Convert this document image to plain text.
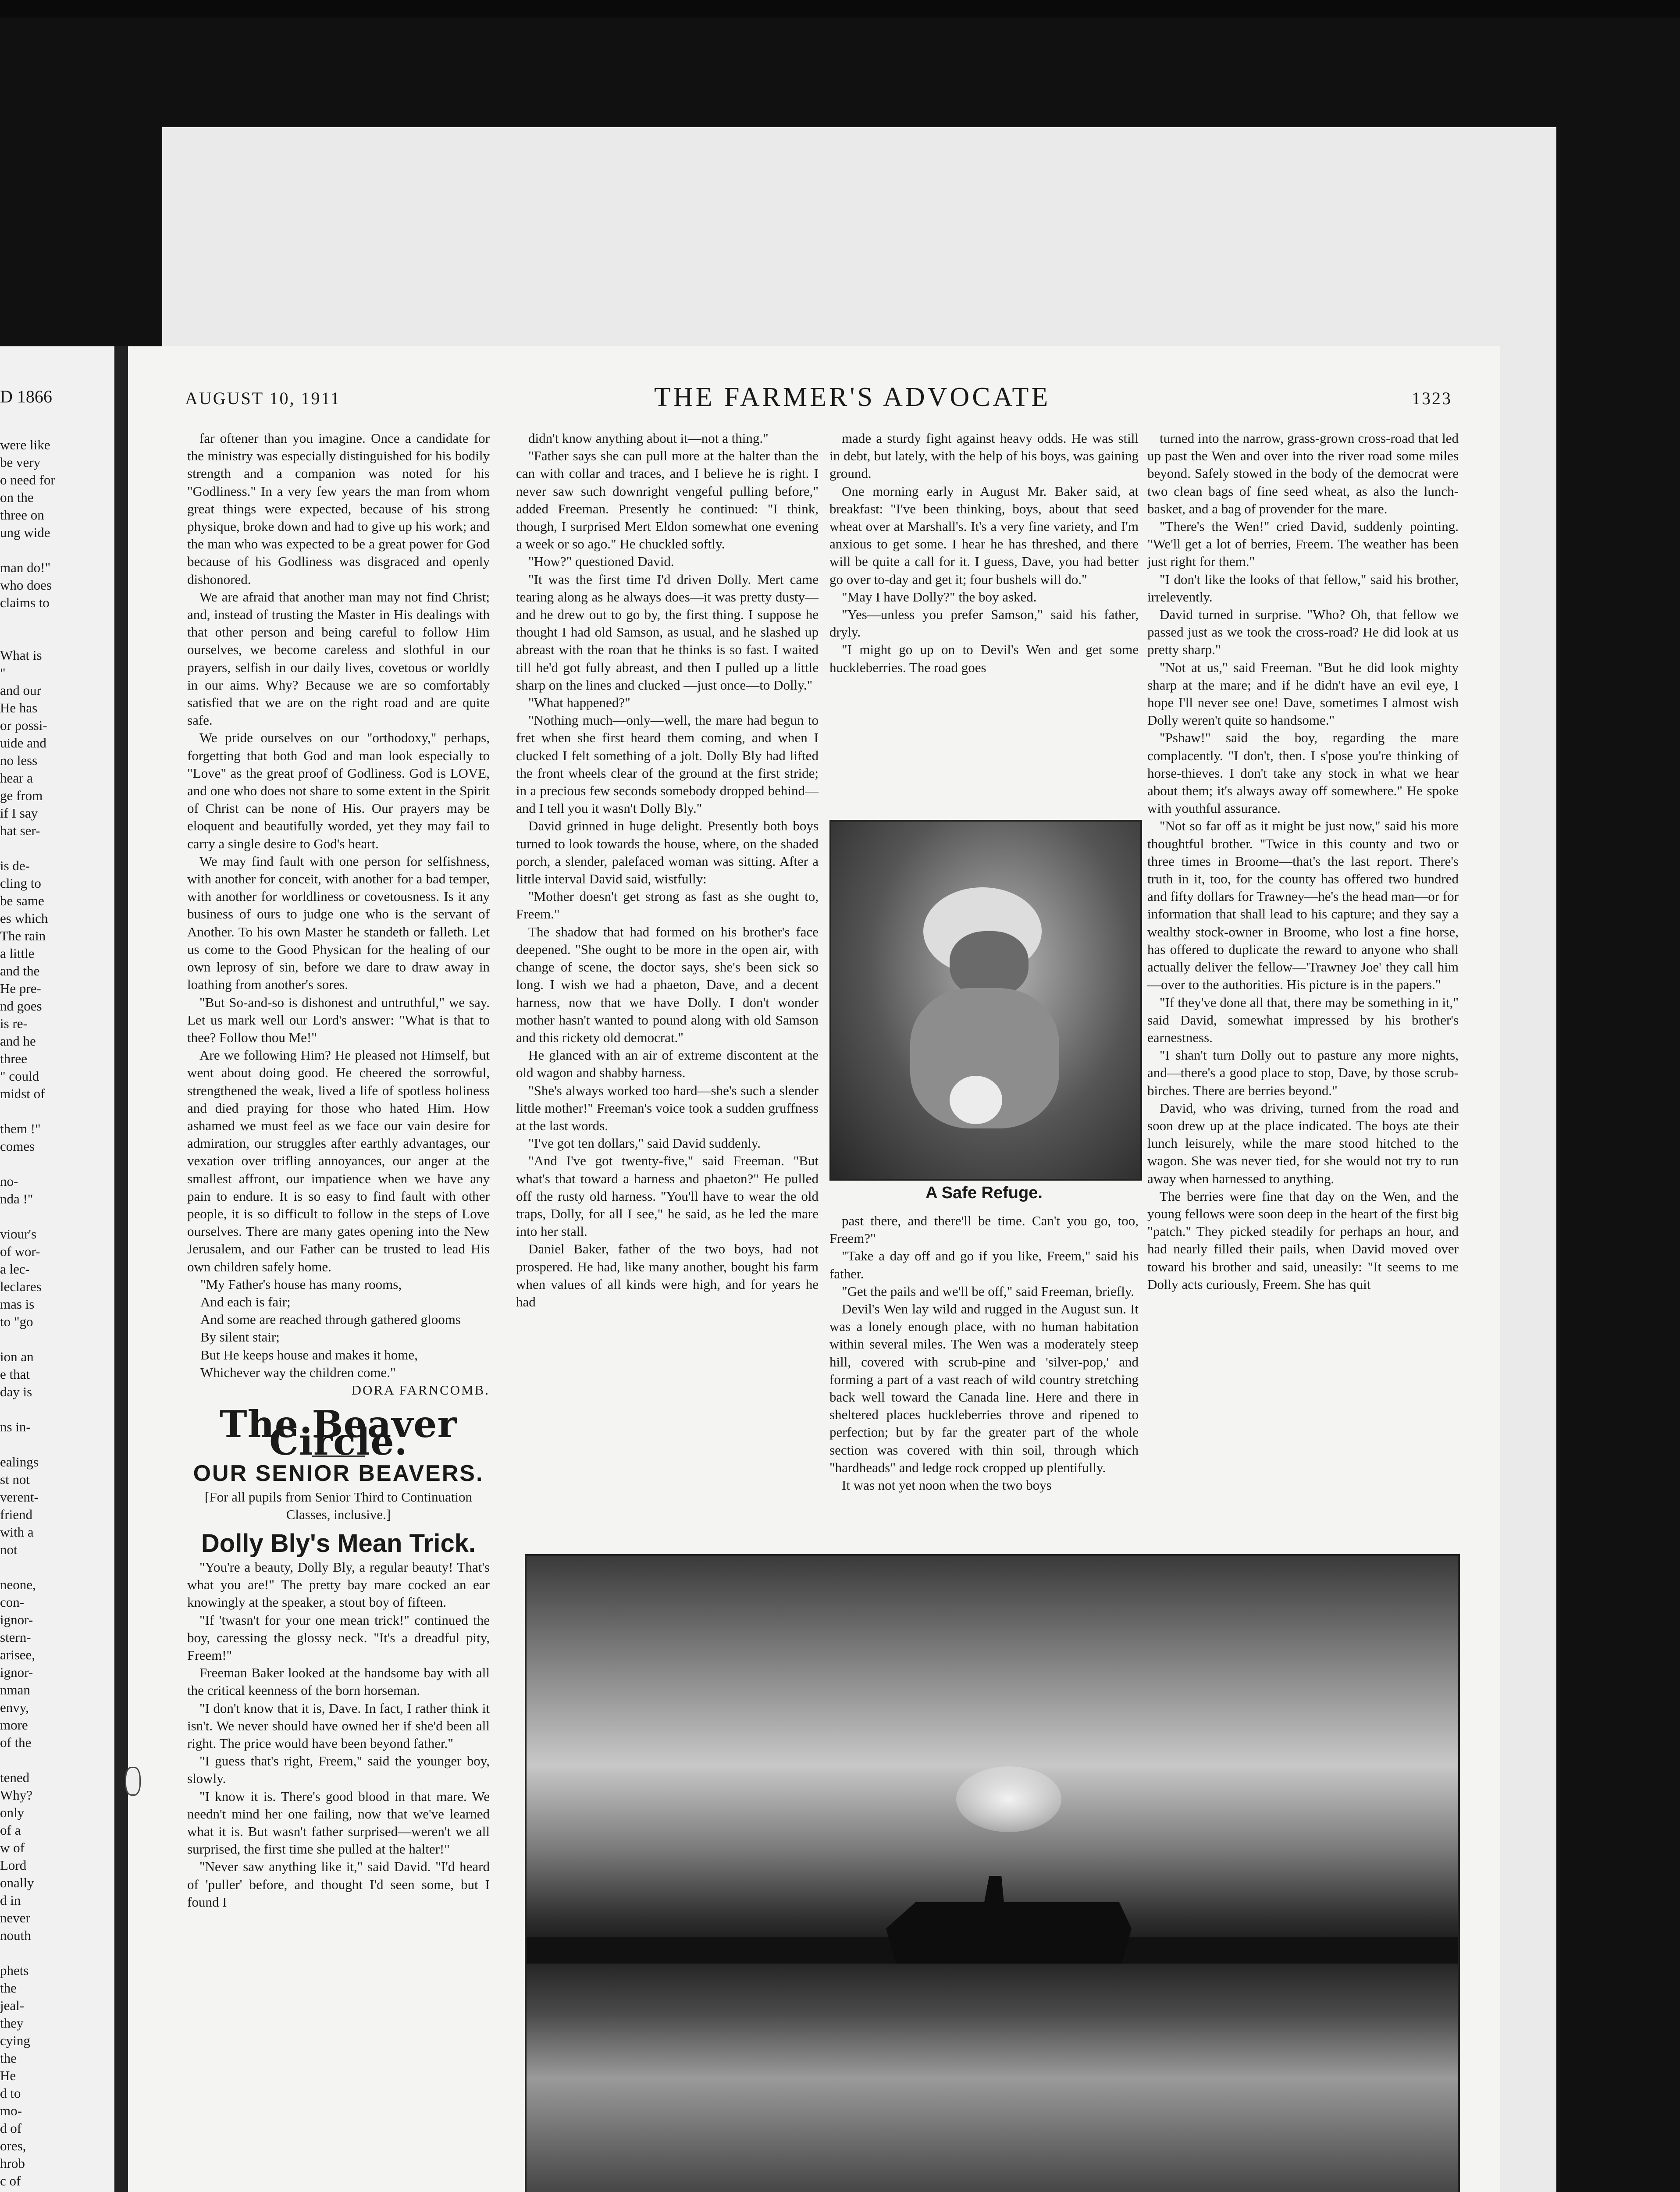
D 1866

were like

be very

o need for

on the

three on

ung wide

man do!"

who does

claims to

What is

"

and our

He has

or possi-

uide and

no less

hear a

ge from

if I say

hat ser-

is de-

cling to

be same

es which

The rain

a little

and the

He pre-

nd goes

is re-

and he

three

" could

midst of

them !"

comes

no-

nda !"

viour's

of wor-

a lec-

leclares

mas is

to "go

ion an

e that

day is

ns in-

ealings

st not

verent-

friend

with a

not

neone,

con-

ignor-

stern-

arisee,

ignor-

nman

envy,

more

of the

tened

Why?

only

of a

w of

Lord

onally

d in

never

nouth

phets

the

jeal-

they

cying

the

He

d to

mo-

d of

ores,

hrob

c of

AUGUST 10, 1911	THE FARMER'S ADVOCATE	1323

far oftener than you imagine. Once a candidate for the ministry was especially distinguished for his bodily strength and a companion was noted for his "Godliness." In a very few years the man from whom great things were expected, because of his strong physique, broke down and had to give up his work; and the man who was expected to be a great power for God because of his Godliness was disgraced and openly dishonored.

We are afraid that another man may not find Christ; and, instead of trusting the Master in His dealings with that other person and being careful to follow Him ourselves, we become careless and slothful in our prayers, selfish in our daily lives, covetous or worldly in our aims. Why? Because we are so comfortably satisfied that we are on the right road and are quite safe.

We pride ourselves on our "orthodoxy," perhaps, forgetting that both God and man look especially to "Love" as the great proof of Godliness. God is LOVE, and one who does not share to some extent in the Spirit of Christ can be none of His. Our prayers may be eloquent and beautifully worded, yet they may fail to carry a single desire to God's heart.

We may find fault with one person for selfishness, with another for conceit, with another for a bad temper, with another for worldliness or covetousness. Is it any business of ours to judge one who is the servant of Another. To his own Master he standeth or falleth. Let us come to the Good Physican for the healing of our own leprosy of sin, before we dare to draw away in loathing from another's sores.

"But So-and-so is dishonest and untruthful," we say. Let us mark well our Lord's answer: "What is that to thee? Follow thou Me!"

Are we following Him? He pleased not Himself, but went about doing good. He cheered the sorrowful, strengthened the weak, lived a life of spotless holiness and died praying for those who hated Him. How ashamed we must feel as we face our vain desire for admiration, our struggles after earthly advantages, our vexation over trifling annoyances, our anger at the smallest affront, our impatience when we have any pain to endure. It is so easy to find fault with other people, it is so difficult to follow in the steps of Love ourselves. There are many gates opening into the New Jerusalem, and our Father can be trusted to lead His own children safely home.

"My Father's house has many rooms,

And each is fair;

And some are reached through gathered glooms

By silent stair;

But He keeps house and makes it home,

Whichever way the children come."

DORA FARNCOMB.

The Beaver Circle.
OUR SENIOR BEAVERS.
[For all pupils from Senior Third to Continuation Classes, inclusive.]
Dolly Bly's Mean Trick.

"You're a beauty, Dolly Bly, a regular beauty! That's what you are!" The pretty bay mare cocked an ear knowingly at the speaker, a stout boy of fifteen.

"If 'twasn't for your one mean trick!" continued the boy, caressing the glossy neck. "It's a dreadful pity, Freem!"

Freeman Baker looked at the handsome bay with all the critical keenness of the born horseman.

"I don't know that it is, Dave. In fact, I rather think it isn't. We never should have owned her if she'd been all right. The price would have been beyond father."

"I guess that's right, Freem," said the younger boy, slowly.

"I know it is. There's good blood in that mare. We needn't mind her one failing, now that we've learned what it is. But wasn't father surprised—weren't we all surprised, the first time she pulled at the halter!"

"Never saw anything like it," said David. "I'd heard of 'puller' before, and thought I'd seen some, but I found I

didn't know anything about it—not a thing."

"Father says she can pull more at the halter than the can with collar and traces, and I believe he is right. I never saw such downright vengeful pulling before," added Freeman. Presently he continued: "I think, though, I surprised Mert Eldon somewhat one evening a week or so ago." He chuckled softly.

"How?" questioned David.

"It was the first time I'd driven Dolly. Mert came tearing along as he always does—it was pretty dusty—and he drew out to go by, the first thing. I suppose he thought I had old Samson, as usual, and he slashed up abreast with the roan that he thinks is so fast. I waited till he'd got fully abreast, and then I pulled up a little sharp on the lines and clucked —just once—to Dolly."

"What happened?"

"Nothing much—only—well, the mare had begun to fret when she first heard them coming, and when I clucked I felt something of a jolt. Dolly Bly had lifted the front wheels clear of the ground at the first stride; in a precious few seconds somebody dropped behind—and I tell you it wasn't Dolly Bly."

David grinned in huge delight. Presently both boys turned to look towards the house, where, on the shaded porch, a slender, palefaced woman was sitting. After a little interval David said, wistfully:

"Mother doesn't get strong as fast as she ought to, Freem."

The shadow that had formed on his brother's face deepened. "She ought to be more in the open air, with change of scene, the doctor says, she's been sick so long. I wish we had a phaeton, Dave, and a decent harness, now that we have Dolly. I don't wonder mother hasn't wanted to pound along with old Samson and this rickety old democrat."

He glanced with an air of extreme discontent at the old wagon and shabby harness.

"She's always worked too hard—she's such a slender little mother!" Freeman's voice took a sudden gruffness at the last words.

"I've got ten dollars," said David suddenly.

"And I've got twenty-five," said Freeman. "But what's that toward a harness and phaeton?" He pulled off the rusty old harness. "You'll have to wear the old traps, Dolly, for all I see," he said, as he led the mare into her stall.

Daniel Baker, father of the two boys, had not prospered. He had, like many another, bought his farm when values of all kinds were high, and for years he had

made a sturdy fight against heavy odds. He was still in debt, but lately, with the help of his boys, was gaining ground.

One morning early in August Mr. Baker said, at breakfast: "I've been thinking, boys, about that seed wheat over at Marshall's. It's a very fine variety, and I'm anxious to get some. I hear he has threshed, and there will be quite a call for it. I guess, Dave, you had better go over to-day and get it; four bushels will do."

"May I have Dolly?" the boy asked.

"Yes—unless you prefer Samson," said his father, dryly.

"I might go up on to Devil's Wen and get some huckleberries. The road goes

A Safe Refuge.

past there, and there'll be time. Can't you go, too, Freem?"

"Take a day off and go if you like, Freem," said his father.

"Get the pails and we'll be off," said Freeman, briefly.

Devil's Wen lay wild and rugged in the August sun. It was a lonely enough place, with no human habitation within several miles. The Wen was a moderately steep hill, covered with scrub-pine and 'silver-pop,' and forming a part of a vast reach of wild country stretching back well toward the Canada line. Here and there in sheltered places huckleberries throve and ripened to perfection; but by far the greater part of the whole section was covered with thin soil, through which "hardheads" and ledge rock cropped up plentifully.

It was not yet noon when the two boys

turned into the narrow, grass-grown cross-road that led up past the Wen and over into the river road some miles beyond. Safely stowed in the body of the democrat were two clean bags of fine seed wheat, as also the lunch-basket, and a bag of provender for the mare.

"There's the Wen!" cried David, suddenly pointing. "We'll get a lot of berries, Freem. The weather has been just right for them."

"I don't like the looks of that fellow," said his brother, irrelevently.

David turned in surprise. "Who? Oh, that fellow we passed just as we took the cross-road? He did look at us pretty sharp."

"Not at us," said Freeman. "But he did look mighty sharp at the mare; and if he didn't have an evil eye, I hope I'll never see one! Dave, sometimes I almost wish Dolly weren't quite so handsome."

"Pshaw!" said the boy, regarding the mare complacently. "I don't, then. I s'pose you're thinking of horse-thieves. I don't take any stock in what we hear about them; it's always away off somewhere." He spoke with youthful assurance.

"Not so far off as it might be just now," said his more thoughtful brother. "Twice in this county and two or three times in Broome—that's the last report. There's truth in it, too, for the county has offered two hundred and fifty dollars for Trawney—he's the head man—or for information that shall lead to his capture; and they say a wealthy stock-owner in Broome, who lost a fine horse, has offered to duplicate the reward to anyone who shall actually deliver the fellow—'Trawney Joe' they call him—over to the authorities. His picture is in the papers."

"If they've done all that, there may be something in it," said David, somewhat impressed by his brother's earnestness.

"I shan't turn Dolly out to pasture any more nights, and—there's a good place to stop, Dave, by those scrub-birches. There are berries beyond."

David, who was driving, turned from the road and soon drew up at the place indicated. The boys ate their lunch leisurely, while the mare stood hitched to the wagon. She was never tied, for she would not try to run away when harnessed to anything.

The berries were fine that day on the Wen, and the young fellows were soon deep in the heart of the first big "patch." They picked steadily for perhaps an hour, and had nearly filled their pails, when David moved over toward his brother and said, uneasily: "It seems to me Dolly acts curiously, Freem. She has quit
